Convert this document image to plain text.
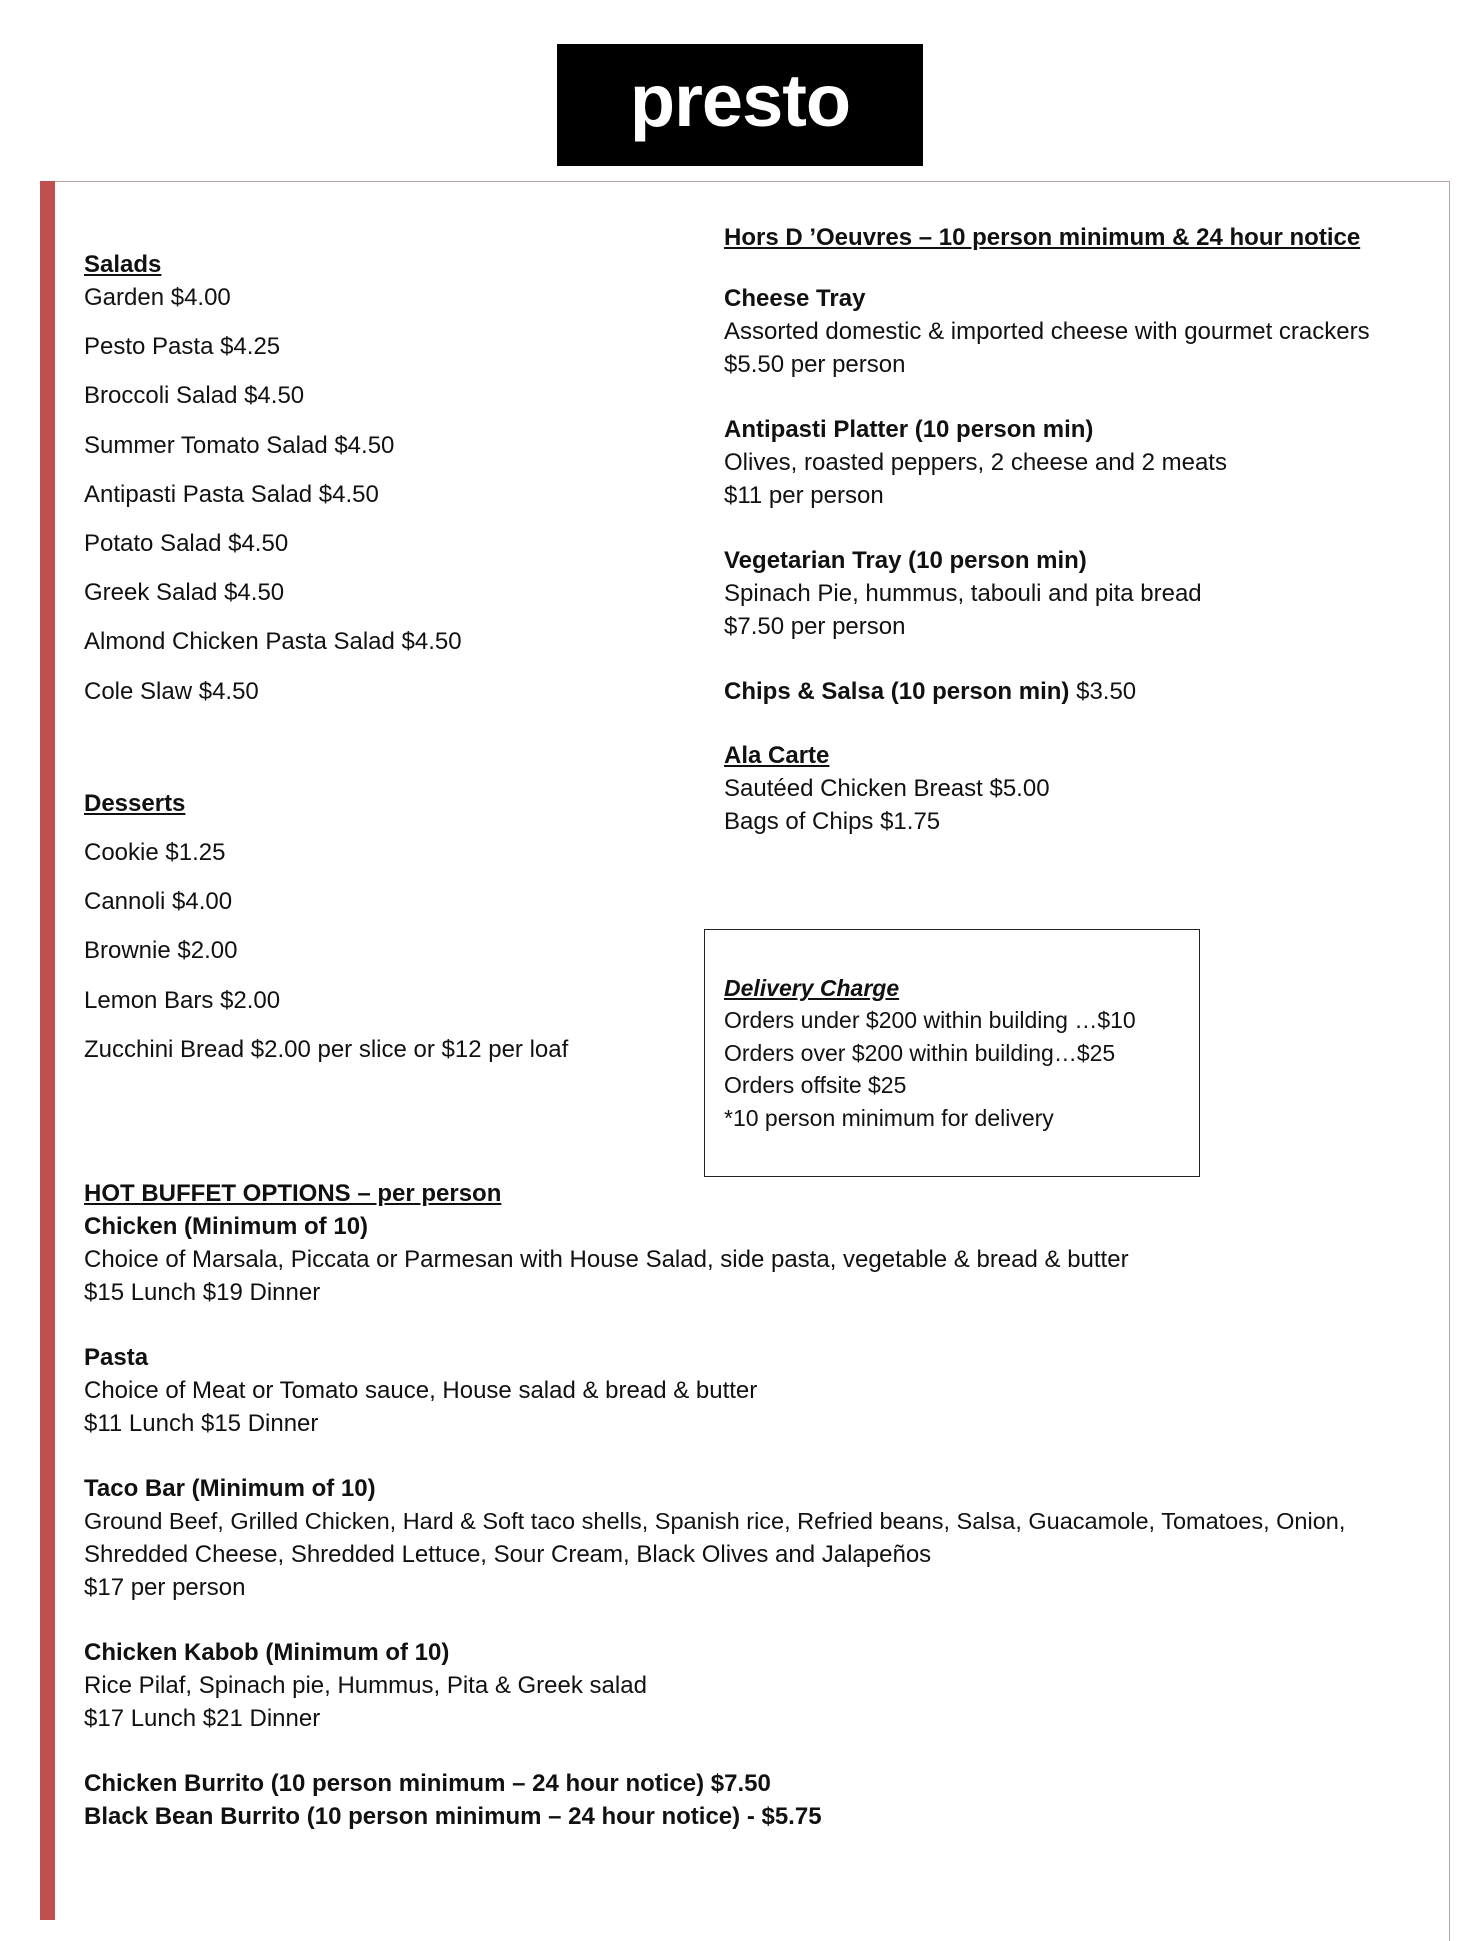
presto
Salads
Garden $4.00
Pesto Pasta $4.25
Broccoli Salad $4.50
Summer Tomato Salad $4.50
Antipasti Pasta Salad $4.50
Potato Salad $4.50
Greek Salad $4.50
Almond Chicken Pasta Salad $4.50
Cole Slaw $4.50
Desserts
Cookie $1.25
Cannoli $4.00
Brownie $2.00
Lemon Bars $2.00
Zucchini Bread $2.00 per slice or $12 per loaf
Hors D ’Oeuvres – 10 person minimum & 24 hour notice
Cheese Tray
Assorted domestic & imported cheese with gourmet crackers
$5.50 per person
Antipasti Platter (10 person min)
Olives, roasted peppers, 2 cheese and 2 meats
$11 per person
Vegetarian Tray (10 person min)
Spinach Pie, hummus, tabouli and pita bread
$7.50 per person
Chips & Salsa (10 person min) $3.50
Ala Carte
Sautéed Chicken Breast $5.00
Bags of Chips $1.75
Delivery Charge
Orders under $200 within building …$10
Orders over $200 within building…$25
Orders offsite $25
*10 person minimum for delivery
HOT BUFFET OPTIONS – per person
Chicken (Minimum of 10)
Choice of Marsala, Piccata or Parmesan with House Salad, side pasta, vegetable & bread & butter
$15 Lunch $19 Dinner
Pasta
Choice of Meat or Tomato sauce, House salad & bread & butter
$11 Lunch $15 Dinner
Taco Bar (Minimum of 10)
Ground Beef, Grilled Chicken, Hard & Soft taco shells, Spanish rice, Refried beans, Salsa, Guacamole, Tomatoes, Onion,
Shredded Cheese, Shredded Lettuce, Sour Cream, Black Olives and Jalapeños
$17 per person
Chicken Kabob (Minimum of 10)
Rice Pilaf, Spinach pie, Hummus, Pita & Greek salad
$17 Lunch $21 Dinner
Chicken Burrito (10 person minimum – 24 hour notice) $7.50
Black Bean Burrito (10 person minimum – 24 hour notice) - $5.75
